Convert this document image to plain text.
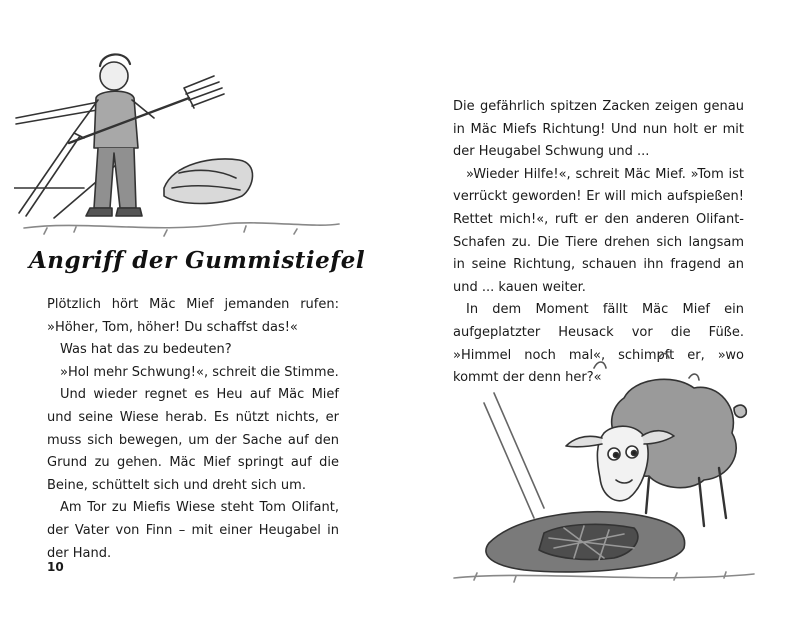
Angriff der Gummistiefel

Plötzlich hört Mäc Mief jemanden rufen: »Höher, Tom, höher! Du schaffst das!«

Was hat das zu bedeuten?

»Hol mehr Schwung!«, schreit die Stimme.

Und wieder regnet es Heu auf Mäc Mief und seine Wiese herab. Es nützt nichts, er muss sich bewegen, um der Sache auf den Grund zu gehen. Mäc Mief springt auf die Beine, schüttelt sich und dreht sich um.

Am Tor zu Miefis Wiese steht Tom Olifant, der Vater von Finn – mit einer Heugabel in der Hand.

10

Die gefährlich spitzen Zacken zeigen genau in Mäc Miefs Richtung! Und nun holt er mit der Heugabel Schwung und ...

»Wieder Hilfe!«, schreit Mäc Mief. »Tom ist verrückt geworden! Er will mich aufspießen! Rettet mich!«, ruft er den anderen Olifant-Schafen zu. Die Tiere drehen sich langsam in seine Richtung, schauen ihn fragend an und ... kauen weiter.

In dem Moment fällt Mäc Mief ein aufgeplatzter Heusack vor die Füße. »Himmel noch mal«, schimpft er, »wo kommt der denn her?«
